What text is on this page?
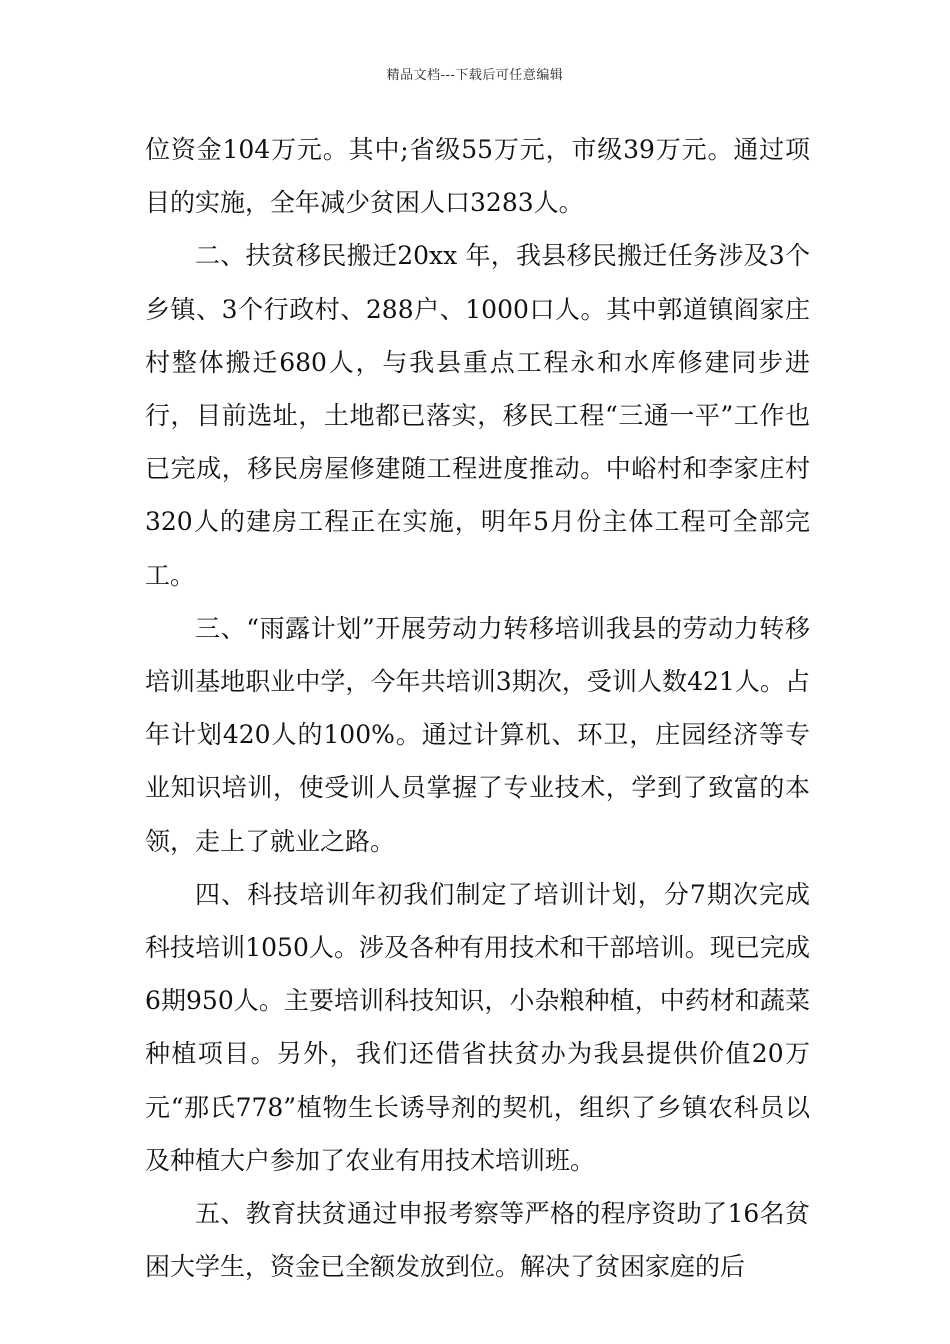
精品文档---下载后可任意编辑

位资金104万元。其中;省级55万元，市级39万元。通过项目的实施，全年减少贫困人口3283人。

二、扶贫移民搬迁20xx 年，我县移民搬迁任务涉及3个乡镇、3个行政村、288户、1000口人。其中郭道镇阎家庄村整体搬迁680人，与我县重点工程永和水库修建同步进行，目前选址，土地都已落实，移民工程“三通一平”工作也已完成，移民房屋修建随工程进度推动。中峪村和李家庄村320人的建房工程正在实施，明年5月份主体工程可全部完工。

三、“雨露计划”开展劳动力转移培训我县的劳动力转移培训基地职业中学，今年共培训3期次，受训人数421人。占年计划420人的100%。通过计算机、环卫，庄园经济等专业知识培训，使受训人员掌握了专业技术，学到了致富的本领，走上了就业之路。

四、科技培训年初我们制定了培训计划，分7期次完成科技培训1050人。涉及各种有用技术和干部培训。现已完成6期950人。主要培训科技知识，小杂粮种植，中药材和蔬菜种植项目。另外，我们还借省扶贫办为我县提供价值20万元“那氏778”植物生长诱导剂的契机，组织了乡镇农科员以及种植大户参加了农业有用技术培训班。

五、教育扶贫通过申报考察等严格的程序资助了16名贫困大学生，资金已全额发放到位。解决了贫困家庭的后
